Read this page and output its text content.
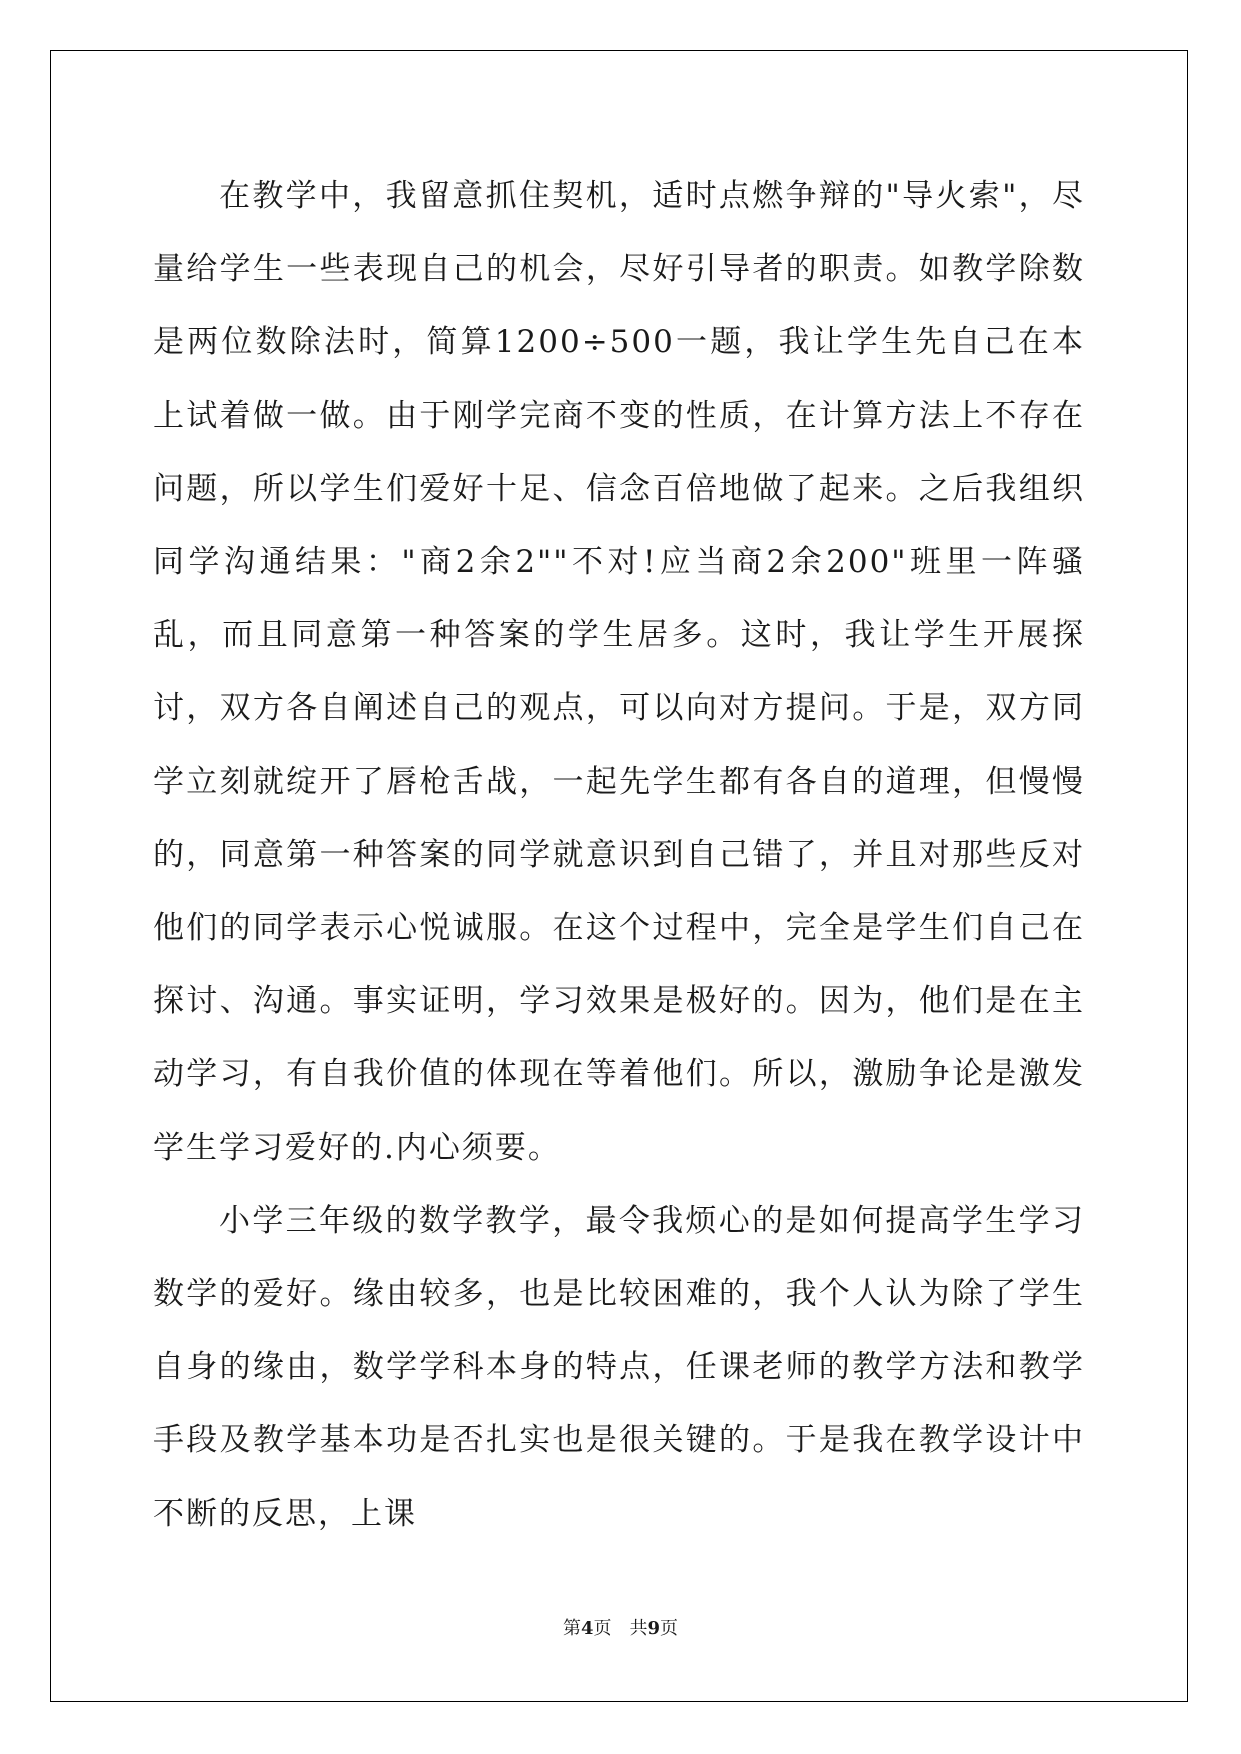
在教学中，我留意抓住契机，适时点燃争辩的"导火索"，尽量给学生一些表现自己的机会，尽好引导者的职责。如教学除数是两位数除法时，简算1200÷500一题，我让学生先自己在本上试着做一做。由于刚学完商不变的性质，在计算方法上不存在问题，所以学生们爱好十足、信念百倍地做了起来。之后我组织同学沟通结果："商2余2""不对!应当商2余200"班里一阵骚乱，而且同意第一种答案的学生居多。这时，我让学生开展探讨，双方各自阐述自己的观点，可以向对方提问。于是，双方同学立刻就绽开了唇枪舌战，一起先学生都有各自的道理，但慢慢的，同意第一种答案的同学就意识到自己错了，并且对那些反对他们的同学表示心悦诚服。在这个过程中，完全是学生们自己在探讨、沟通。事实证明，学习效果是极好的。因为，他们是在主动学习，有自我价值的体现在等着他们。所以，激励争论是激发学生学习爱好的.内心须要。

小学三年级的数学教学，最令我烦心的是如何提高学生学习数学的爱好。缘由较多，也是比较困难的，我个人认为除了学生自身的缘由，数学学科本身的特点，任课老师的教学方法和教学手段及教学基本功是否扎实也是很关键的。于是我在教学设计中不断的反思，上课

第4页 共9页
